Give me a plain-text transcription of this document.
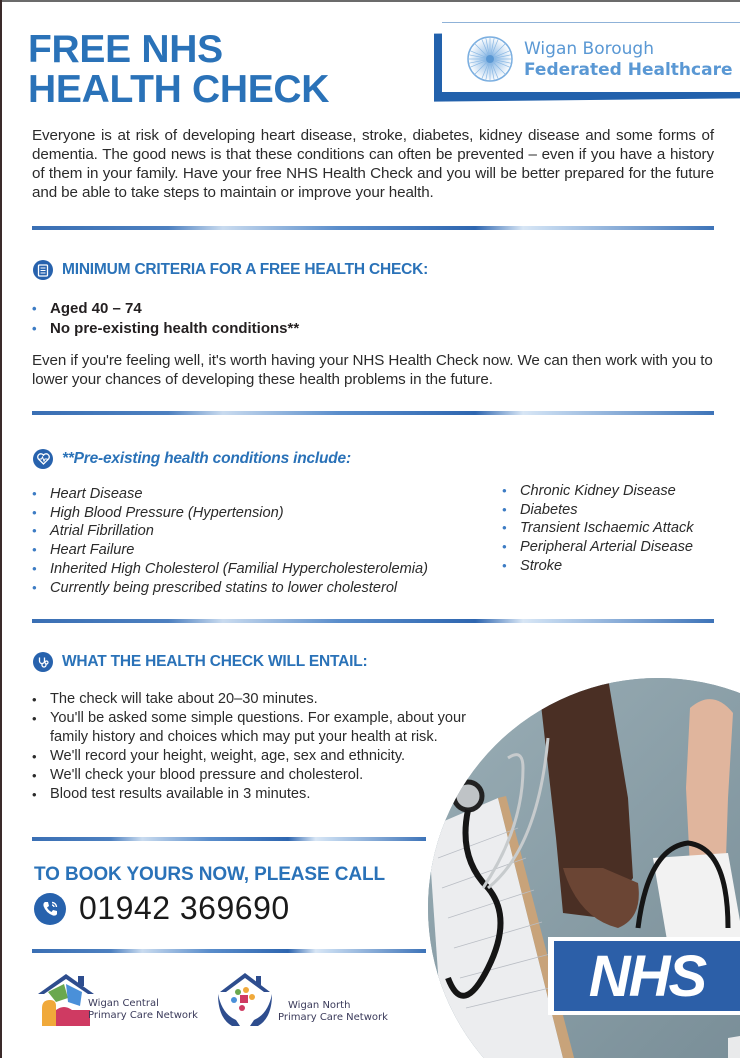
FREE NHS
HEALTH CHECK
Wigan Borough
Federated Healthcare

Everyone is at risk of developing heart disease, stroke, diabetes, kidney disease and some forms of dementia. The good news is that these conditions can often be prevented – even if you have a history of them in your family. Have your free NHS Health Check and you will be better prepared for the future and be able to take steps to maintain or improve your health.

MINIMUM CRITERIA FOR A FREE HEALTH CHECK:
• Aged 40 – 74
• No pre-existing health conditions**

Even if you're feeling well, it's worth having your NHS Health Check now. We can then work with you to lower your chances of developing these health problems in the future.

**Pre-existing health conditions include:
• Heart Disease
• High Blood Pressure (Hypertension)
• Atrial Fibrillation
• Heart Failure
• Inherited High Cholesterol (Familial Hypercholesterolemia)
• Currently being prescribed statins to lower cholesterol
• Chronic Kidney Disease
• Diabetes
• Transient Ischaemic Attack
• Peripheral Arterial Disease
• Stroke
NHS
WHAT THE HEALTH CHECK WILL ENTAIL:
• The check will take about 20–30 minutes.
• You'll be asked some simple questions. For example, about your family history and choices which may put your health at risk.
• We'll record your height, weight, age, sex and ethnicity.
• We'll check your blood pressure and cholesterol.
• Blood test results available in 3 minutes.
TO BOOK YOURS NOW, PLEASE CALL
01942 369690
Wigan Central
Primary Care Network
Wigan North
Primary Care Network
